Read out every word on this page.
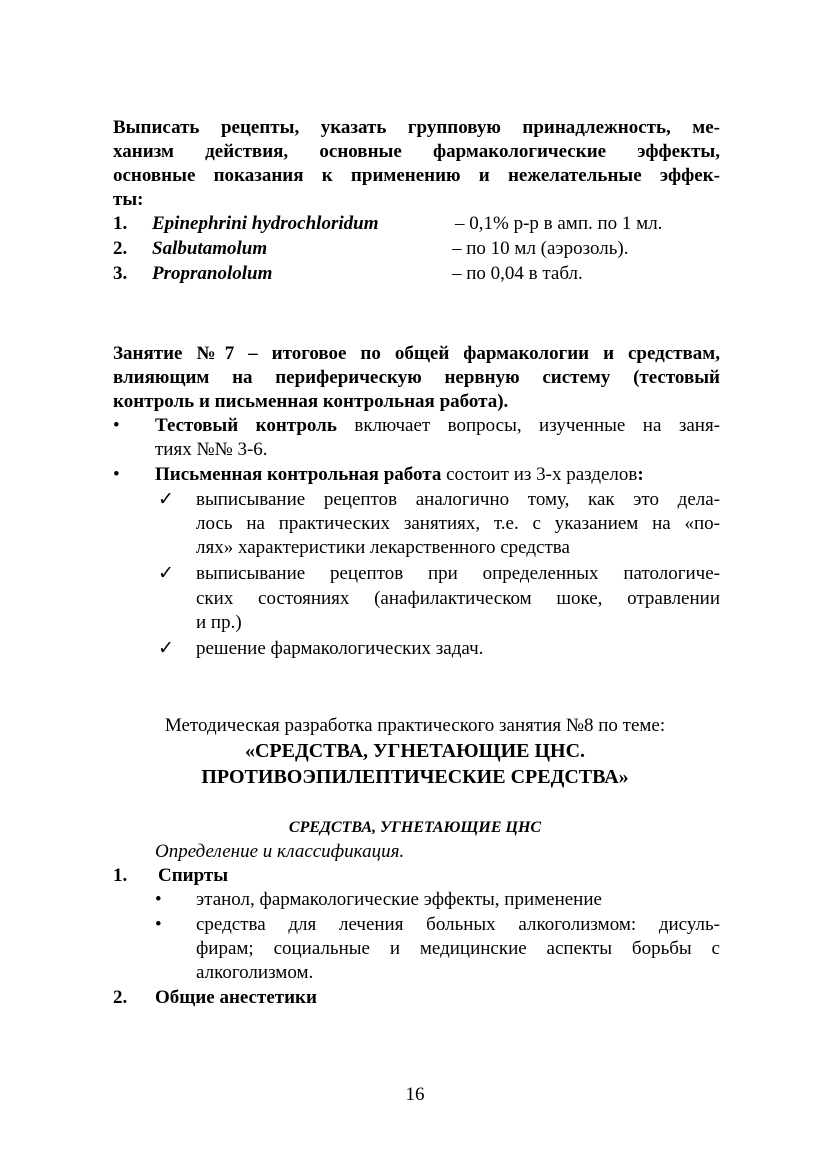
Выписать рецепты, указать групповую принадлежность, ме-
ханизм действия, основные фармакологические эффекты,
основные показания к применению и нежелательные эффек-
ты:
1. Epinephrini hydrochloridum	– 0,1% р-р в амп. по 1 мл.
2. Salbutamolum	– по 10 мл (аэрозоль).
3. Propranololum	– по 0,04 в табл.
Занятие №7 – итоговое по общей фармакологии и средствам,
влияющим на периферическую нервную систему (тестовый
контроль и письменная контрольная работа).
• Тестовый контроль включает вопросы, изученные на заня-
тиях №№ 3-6.
• Письменная контрольная работа состоит из 3-х разделов:
✓ выписывание рецептов аналогично тому, как это дела-
лось на практических занятиях, т.е. с указанием на «по-
лях» характеристики лекарственного средства
✓ выписывание рецептов при определенных патологиче-
ских состояниях (анафилактическом шоке, отравлении
и пр.)
✓ решение фармакологических задач.
Методическая разработка практического занятия №8 по теме:
«СРЕДСТВА, УГНЕТАЮЩИЕ ЦНС.
ПРОТИВОЭПИЛЕПТИЧЕСКИЕ СРЕДСТВА»
СРЕДСТВА, УГНЕТАЮЩИЕ ЦНС
Определение и классификация.
1. Спирты
• этанол, фармакологические эффекты, применение
• средства для лечения больных алкоголизмом: дисуль-
фирам; социальные и медицинские аспекты борьбы с
алкоголизмом.
2. Общие анестетики
16
